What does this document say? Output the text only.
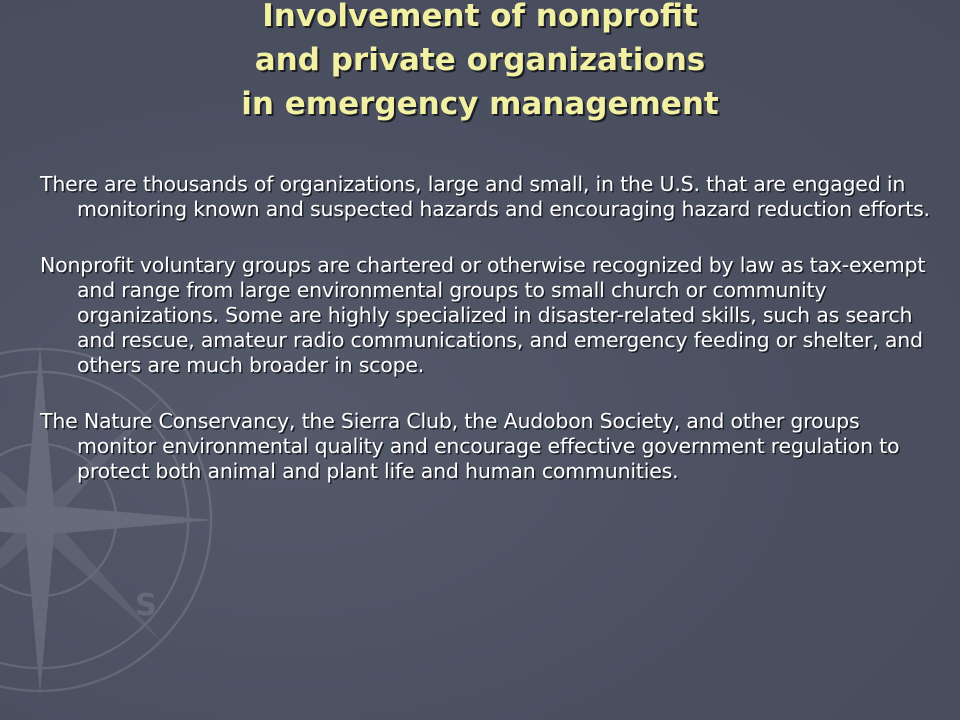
S
Involvement of nonprofit
and private organizations
in emergency management

There are thousands of organizations, large and small, in the U.S. that are engaged in monitoring known and suspected hazards and encouraging hazard reduction efforts.

Nonprofit voluntary groups are chartered or otherwise recognized by law as tax-exempt and range from large environmental groups to small church or community organizations. Some are highly specialized in disaster-related skills, such as search and rescue, amateur radio communications, and emergency feeding or shelter, and others are much broader in scope.

The Nature Conservancy, the Sierra Club, the Audobon Society, and other groups monitor environmental quality and encourage effective government regulation to protect both animal and plant life and human communities.
